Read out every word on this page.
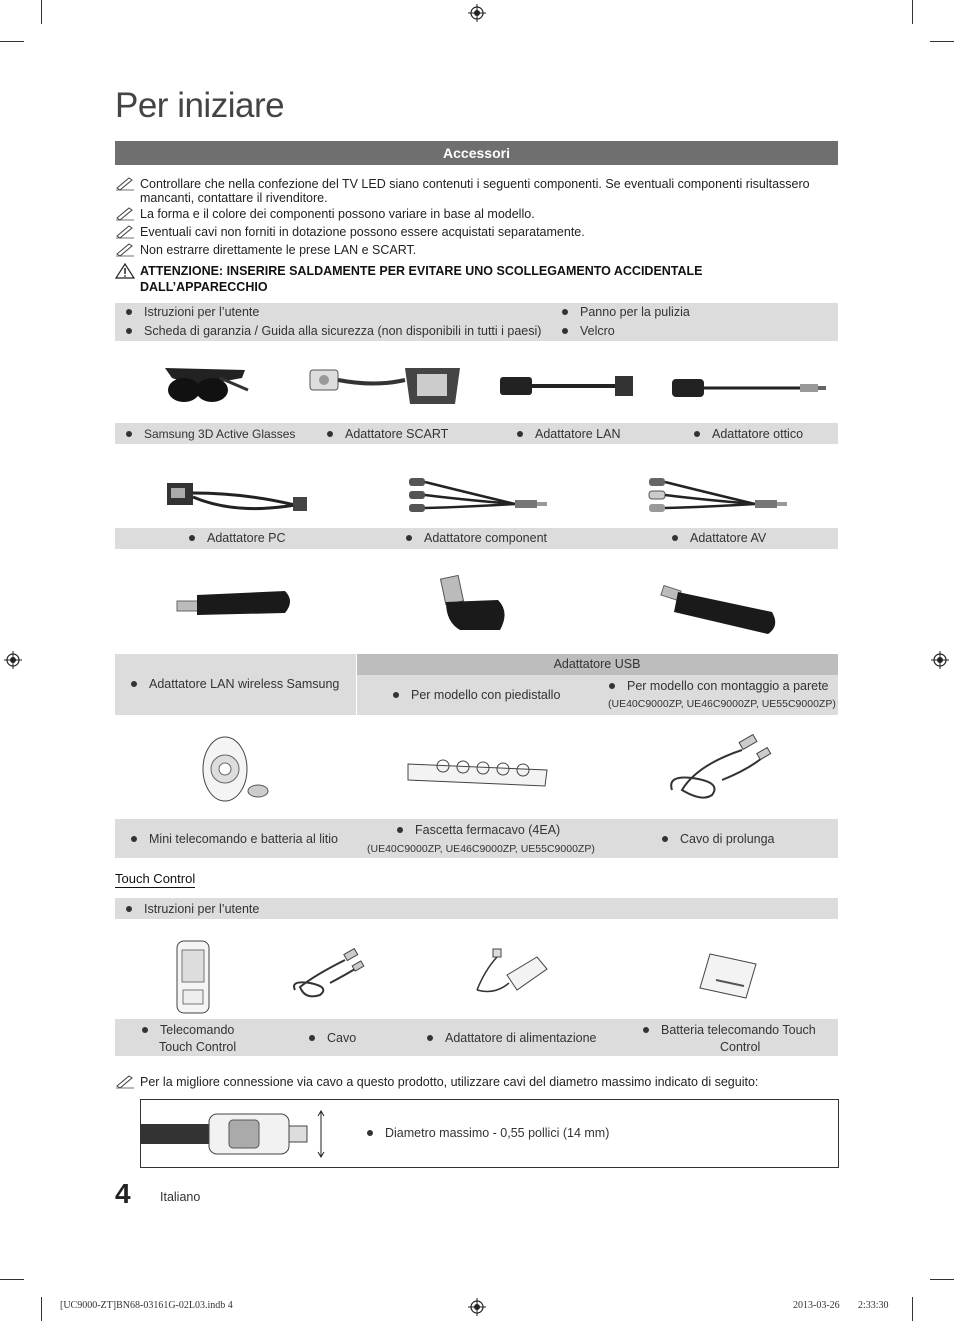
Per iniziare
Accessori
Controllare che nella confezione del TV LED siano contenuti i seguenti componenti. Se eventuali componenti risultassero mancanti, contattare il rivenditore.
La forma e il colore dei componenti possono variare in base al modello.
Eventuali cavi non forniti in dotazione possono essere acquistati separatamente.
Non estrarre direttamente le prese LAN e SCART.
ATTENZIONE: INSERIRE SALDAMENTE PER EVITARE UNO SCOLLEGAMENTO ACCIDENTALE DALL’APPARECCHIO
Istruzioni per l’utente
Scheda di garanzia / Guida alla sicurezza (non disponibili in tutti i paesi)
Panno per la pulizia
Velcro
Samsung 3D Active Glasses	Adattatore SCART	Adattatore LAN	Adattatore ottico
Adattatore PC	Adattatore component	Adattatore AV
Adattatore USB
Adattatore LAN wireless Samsung
Per modello con piedistallo
Per modello con montaggio a parete
(UE40C9000ZP, UE46C9000ZP, UE55C9000ZP)
Mini telecomando e batteria al litio
Fascetta fermacavo (4EA)
(UE40C9000ZP, UE46C9000ZP, UE55C9000ZP)
Cavo di prolunga
Touch Control
Istruzioni per l’utente
Telecomando
Touch Control
Cavo	Adattatore di alimentazione
Batteria telecomando Touch
Control
Per la migliore connessione via cavo a questo prodotto, utilizzare cavi del diametro massimo indicato di seguito:
Diametro massimo - 0,55 pollici (14 mm)
4 Italiano
[UC9000-ZT]BN68-03161G-02L03.indb 4	2013-03-26 2:33:30
